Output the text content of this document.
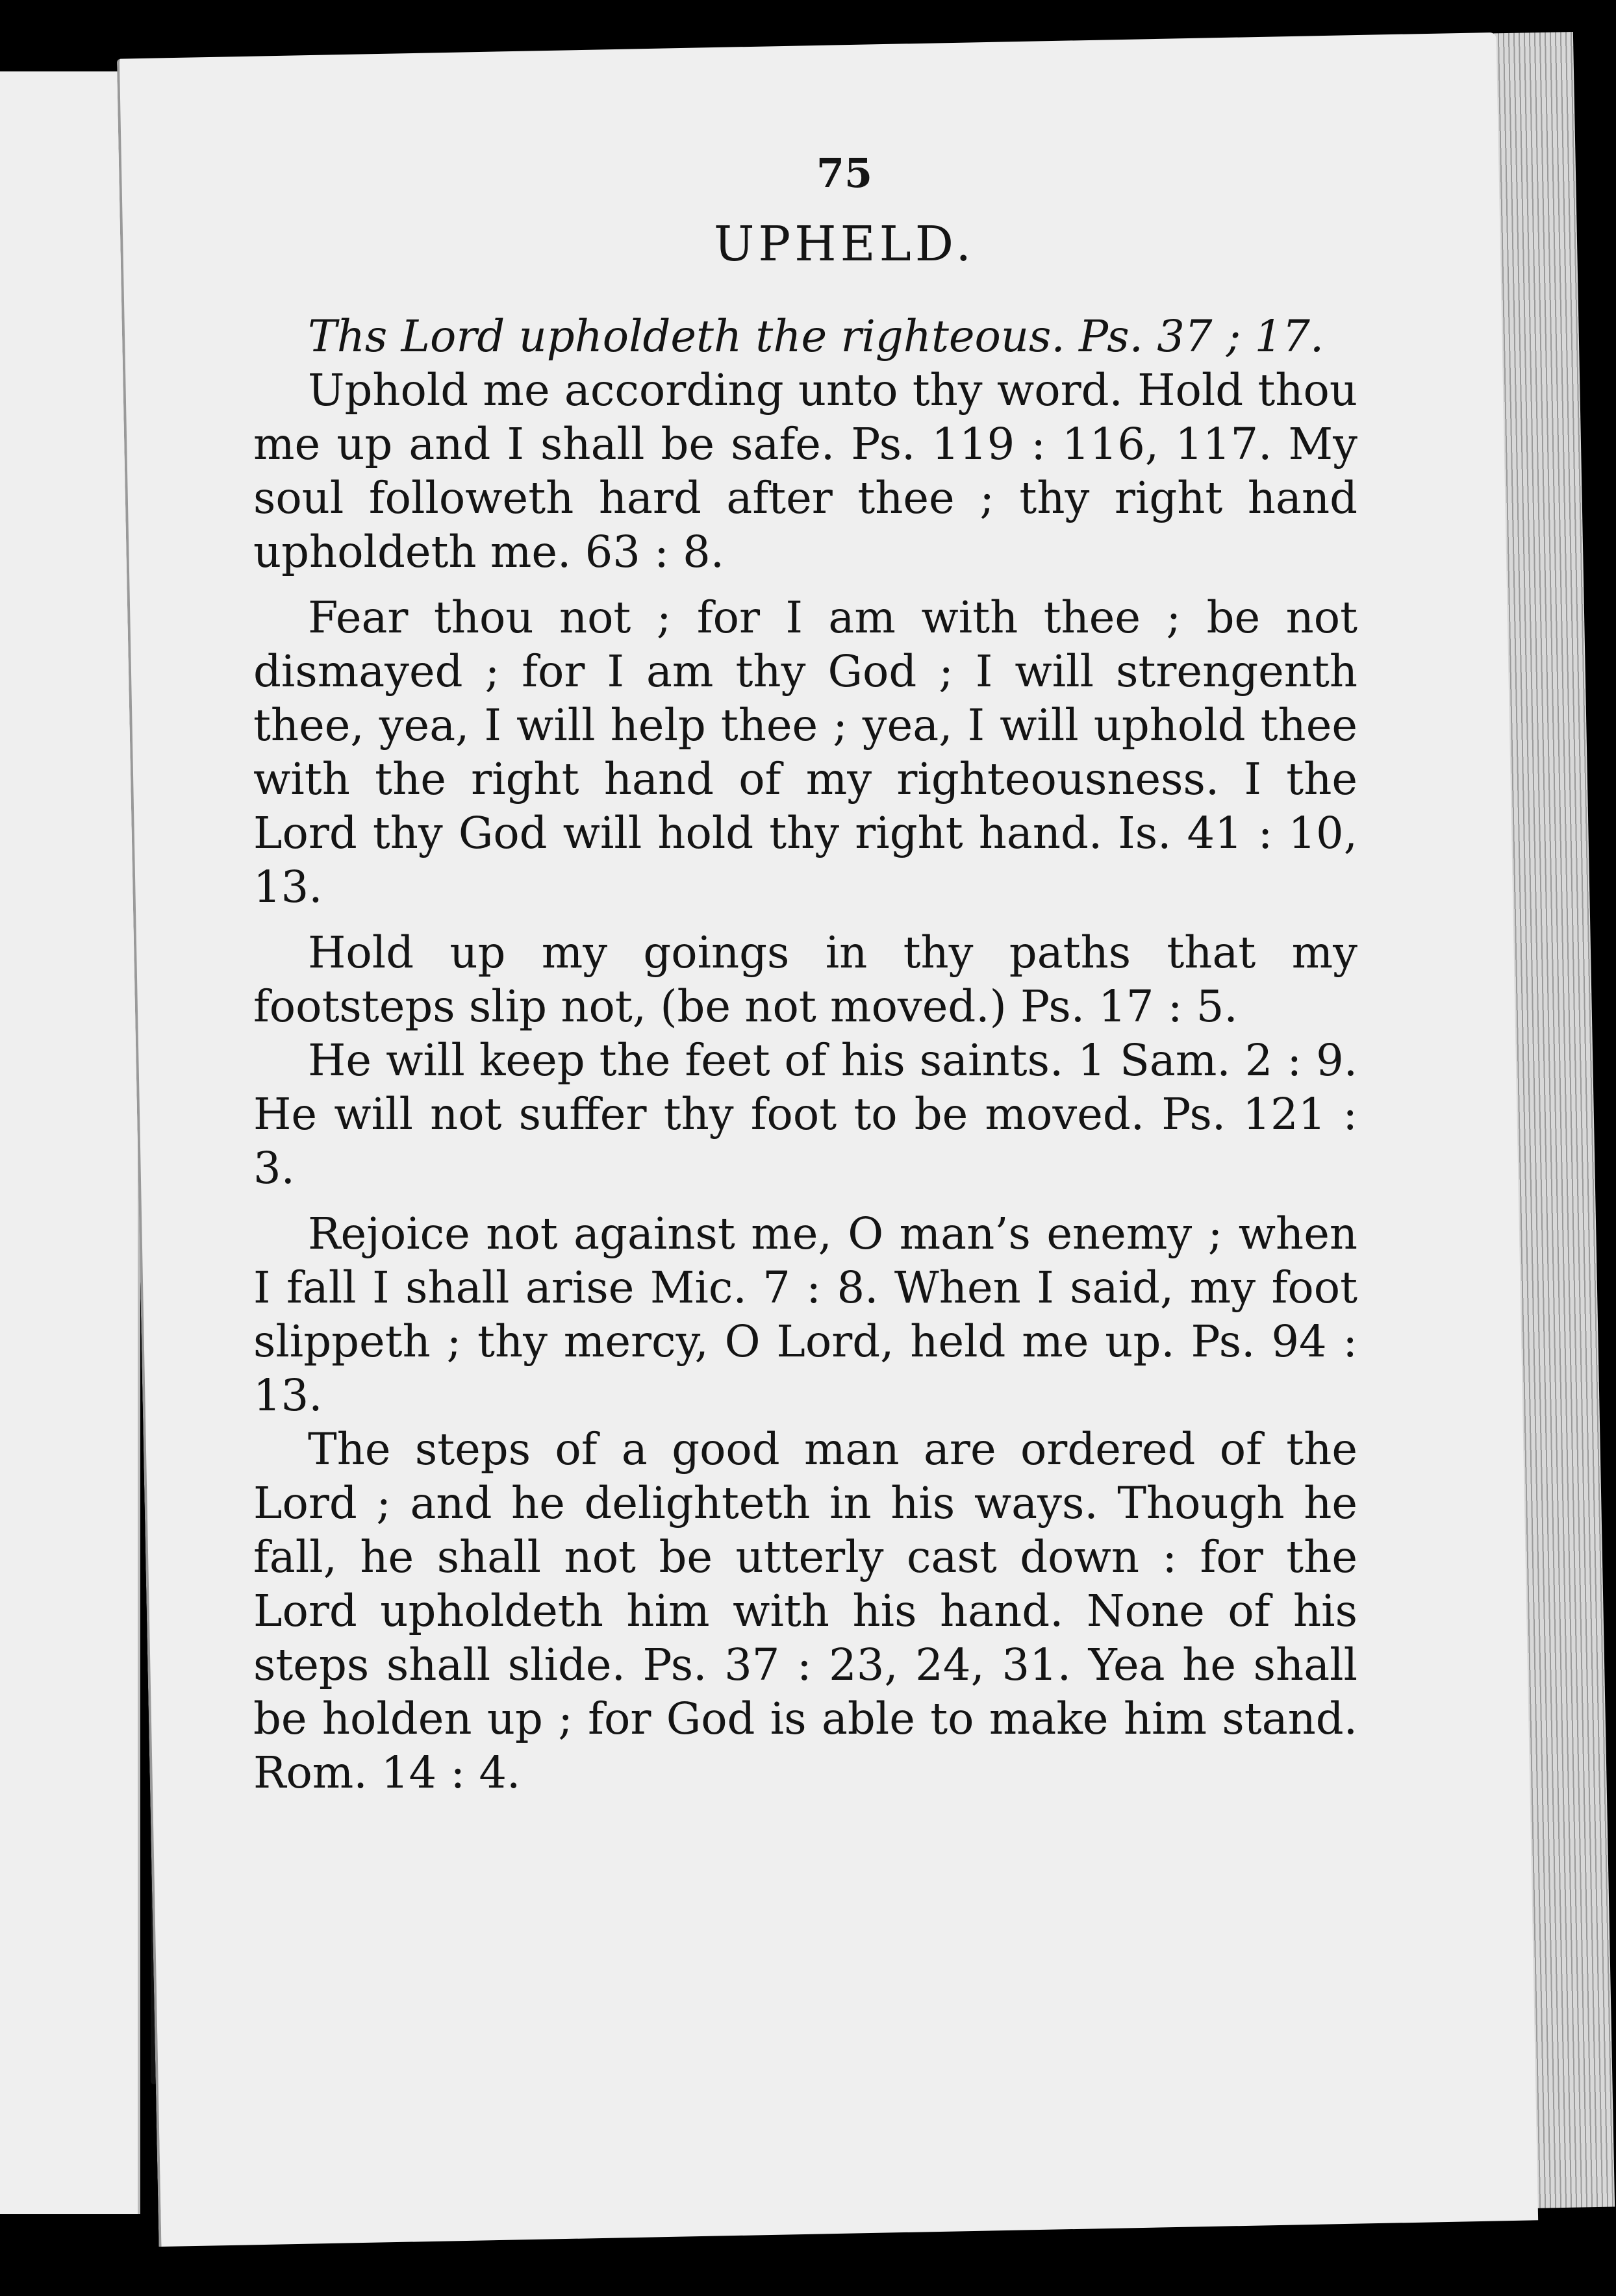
75
UPHELD.

Ths Lord upholdeth the righteous. Ps. 37 ; 17.

Uphold me according unto thy word. Hold thou me up and I shall be safe. Ps. 119 : 116, 117. My soul followeth hard after thee ; thy right hand upholdeth me. 63 : 8.

Fear thou not ; for I am with thee ; be not dismayed ; for I am thy God ; I will strengenth thee, yea, I will help thee ; yea, I will uphold thee with the right hand of my righteousness. I the Lord thy God will hold thy right hand. Is. 41 : 10, 13.

Hold up my goings in thy paths that my footsteps slip not, (be not moved.) Ps. 17 : 5.

He will keep the feet of his saints. 1 Sam. 2 : 9. He will not suffer thy foot to be moved. Ps. 121 : 3.

Rejoice not against me, O man’s enemy ; when I fall I shall arise Mic. 7 : 8. When I said, my foot slippeth ; thy mercy, O Lord, held me up. Ps. 94 : 13.

The steps of a good man are ordered of the Lord ; and he delighteth in his ways. Though he fall, he shall not be utterly cast down : for the Lord upholdeth him with his hand. None of his steps shall slide. Ps. 37 : 23, 24, 31. Yea he shall be holden up ; for God is able to make him stand. Rom. 14 : 4.
